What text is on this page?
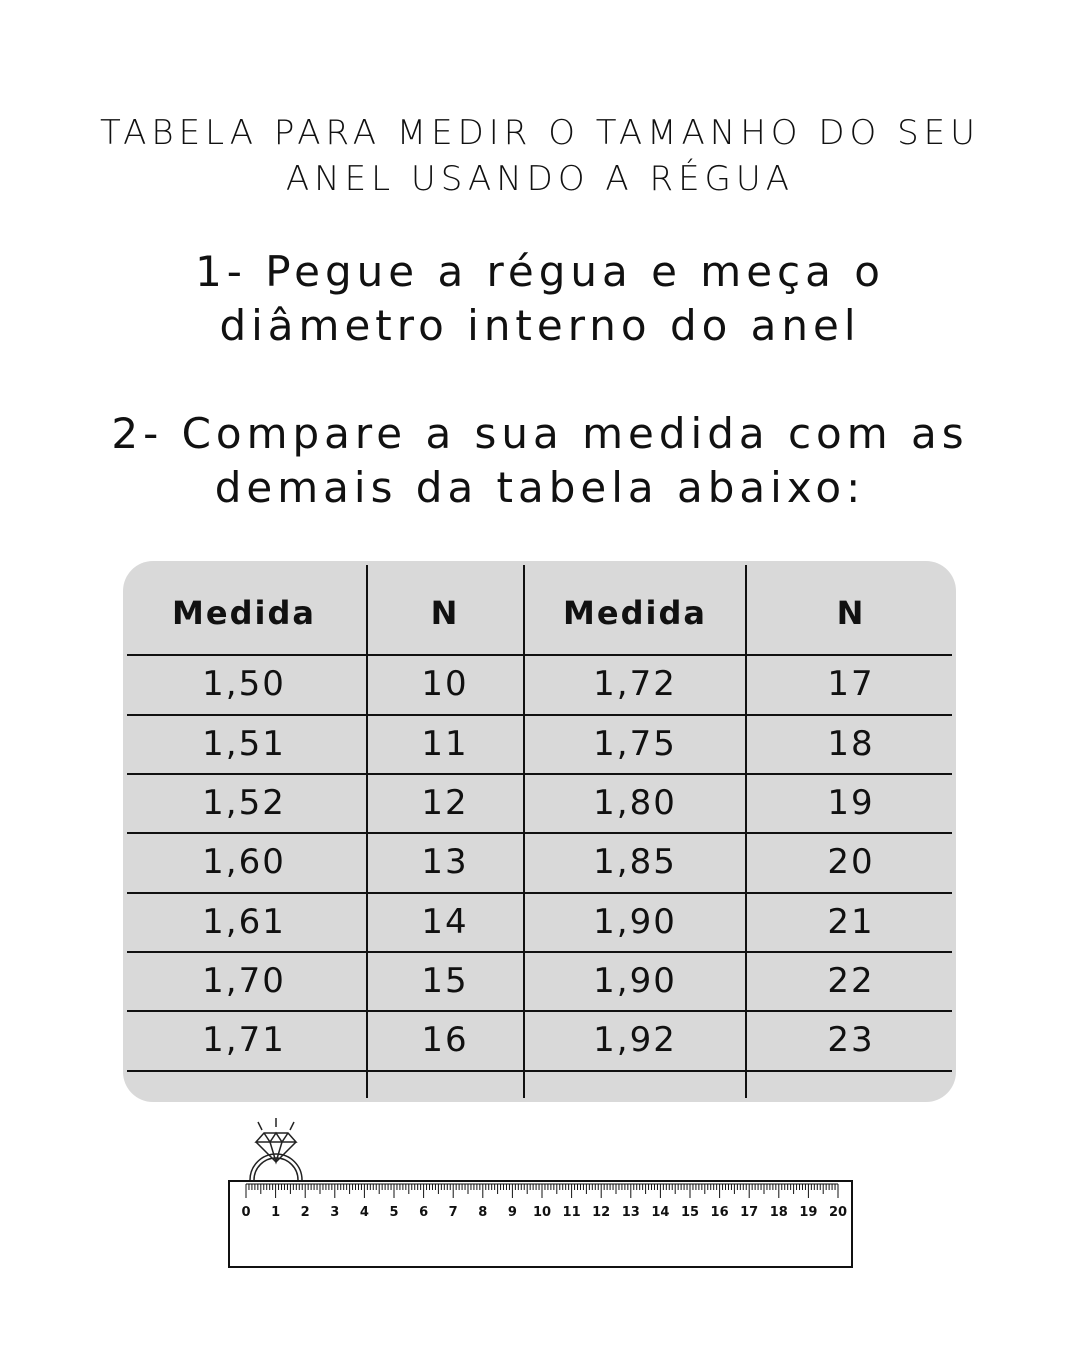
TABELA PARA MEDIR O TAMANHO DO SEU
ANEL USANDO A RÉGUA
1- Pegue a régua e meça o
diâmetro interno do anel
2- Compare a sua medida com as
demais da tabela abaixo:
Medida	N	Medida	N
1,50	10	1,72	17
1,51	11	1,75	18
1,52	12	1,80	19
1,60	13	1,85	20
1,61	14	1,90	21
1,70	15	1,90	22
1,71	16	1,92	23
0 1 2 3 4 5 6 7 8 9 10 11 12 13 14 15 16 17 18 19 20
